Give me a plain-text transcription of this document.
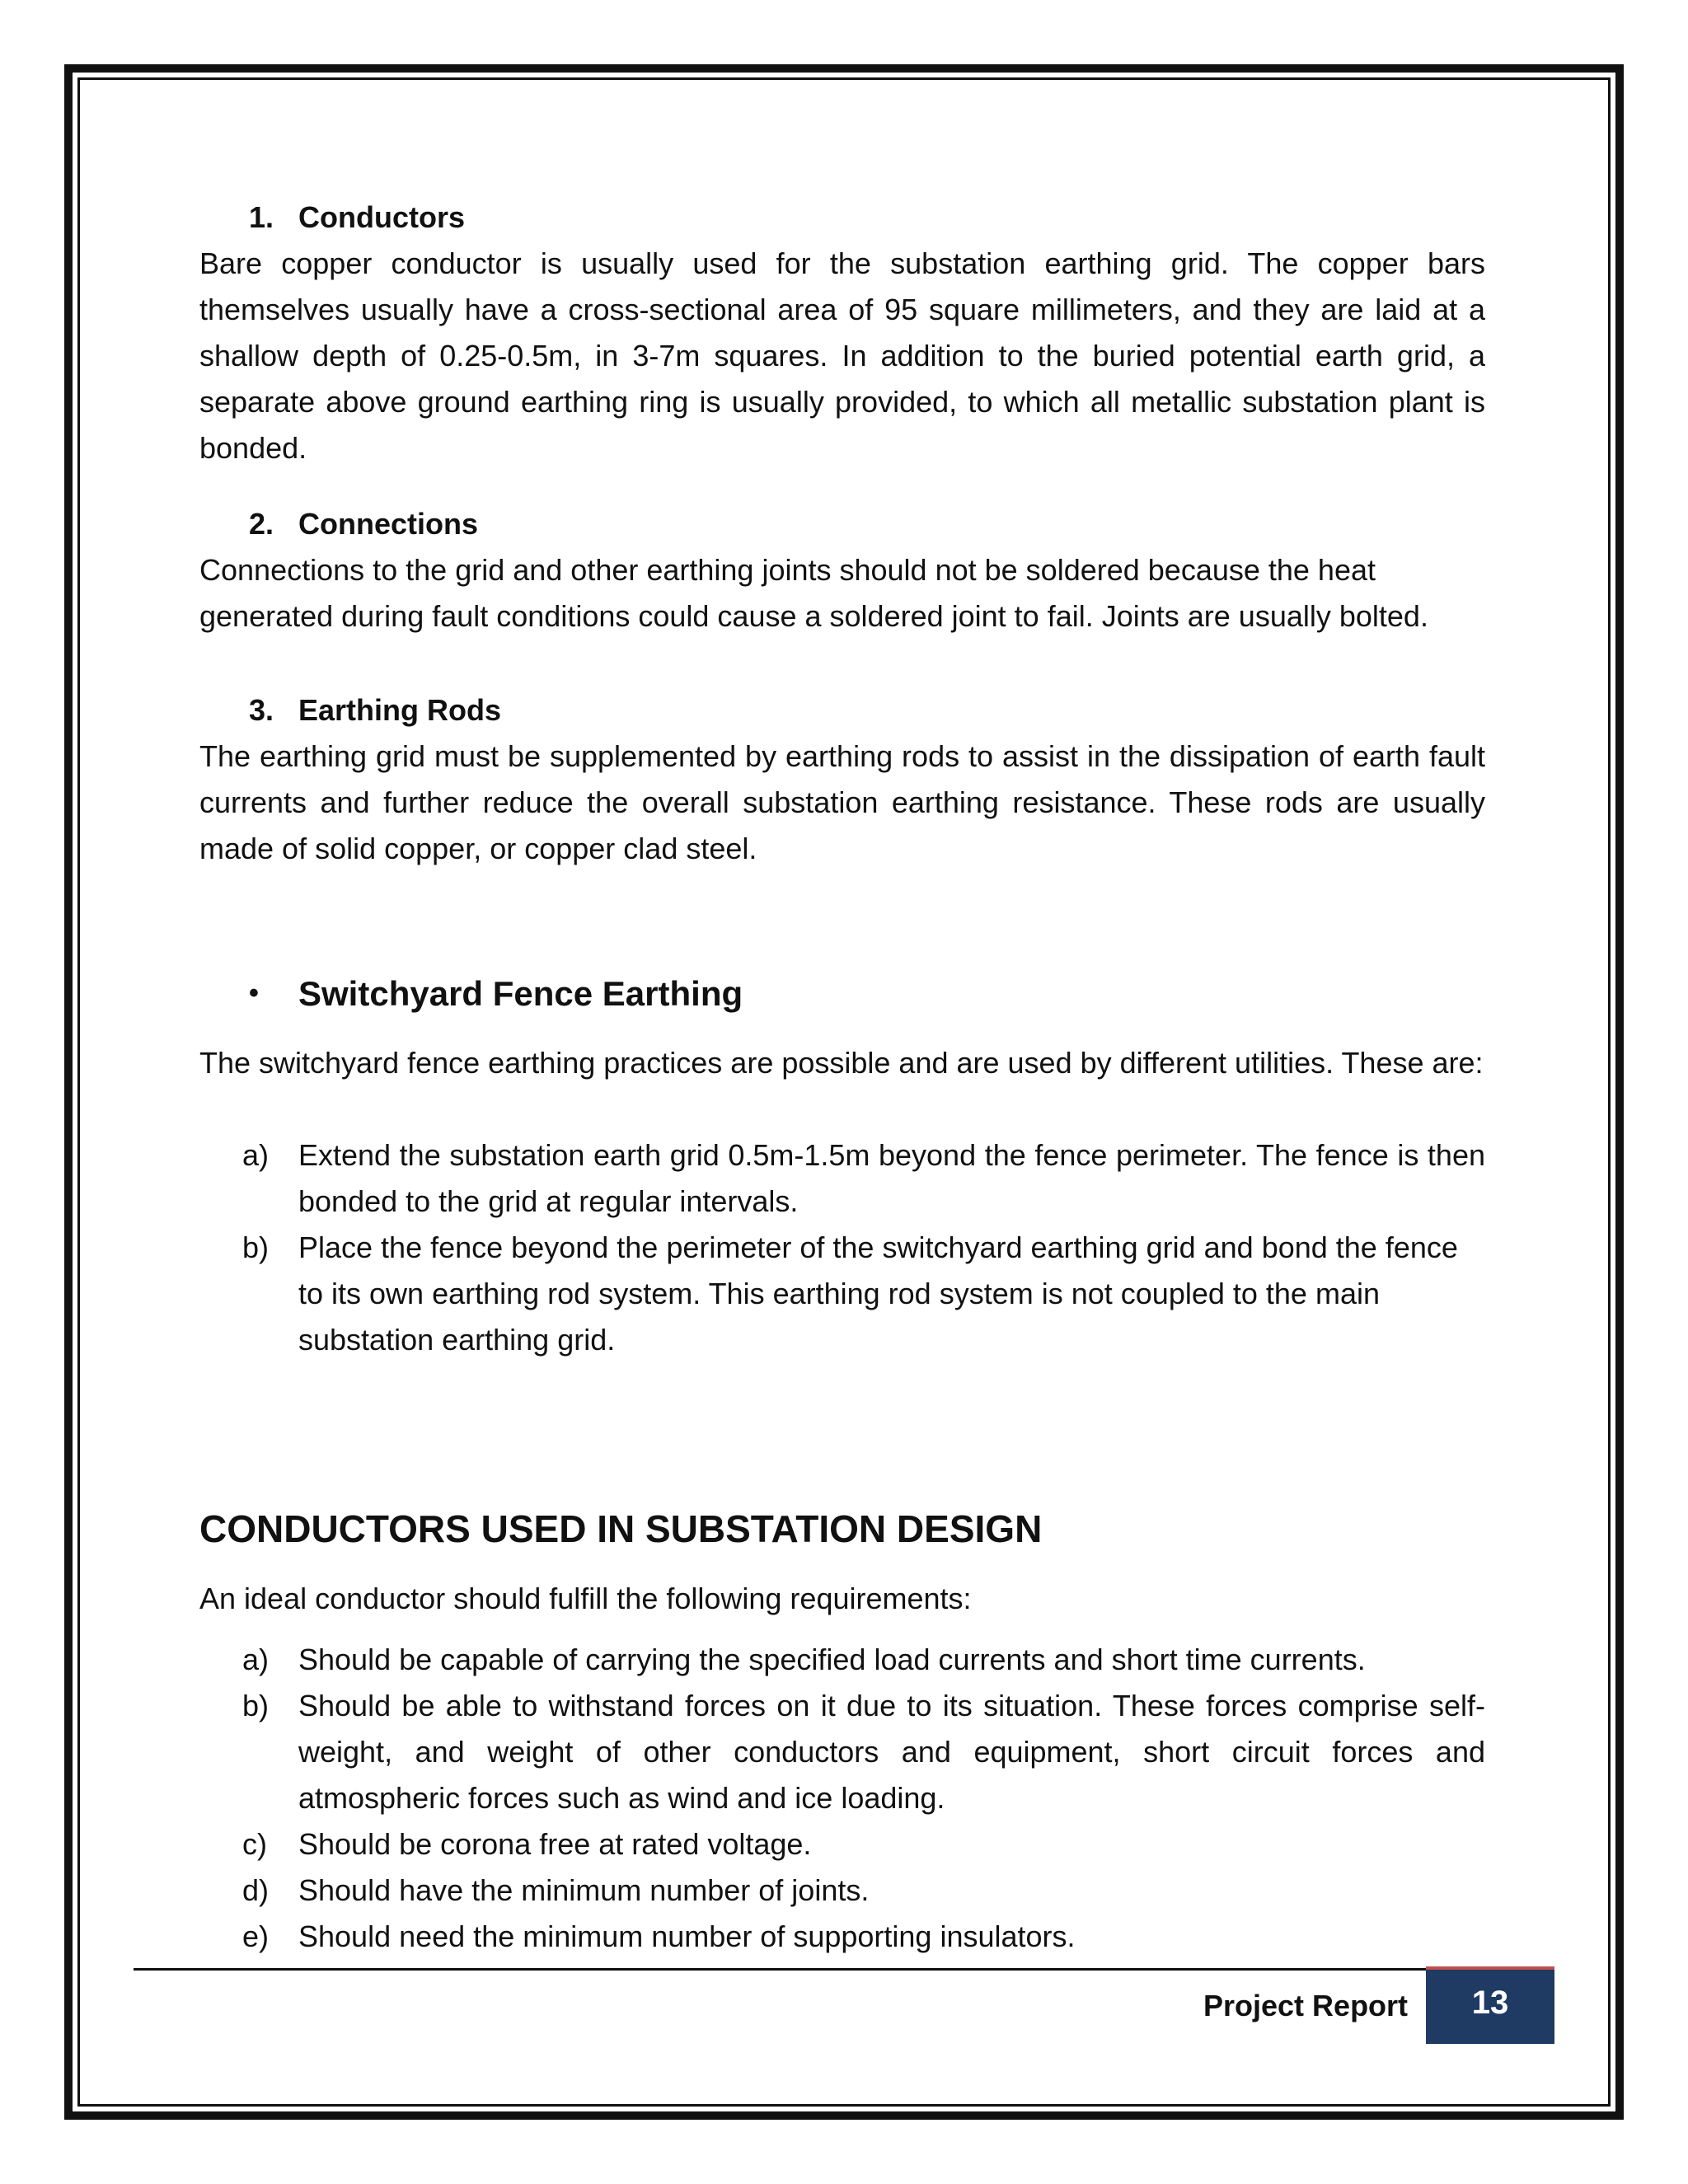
1. Conductors
Bare copper conductor is usually used for the substation earthing grid. The copper bars themselves usually have a cross-sectional area of 95 square millimeters, and they are laid at a shallow depth of 0.25-0.5m, in 3-7m squares. In addition to the buried potential earth grid, a separate above ground earthing ring is usually provided, to which all metallic substation plant is bonded.
2. Connections
Connections to the grid and other earthing joints should not be soldered because the heat generated during fault conditions could cause a soldered joint to fail. Joints are usually bolted.
3. Earthing Rods
The earthing grid must be supplemented by earthing rods to assist in the dissipation of earth fault currents and further reduce the overall substation earthing resistance. These rods are usually made of solid copper, or copper clad steel.
• Switchyard Fence Earthing
The switchyard fence earthing practices are possible and are used by different utilities. These are:
a) Extend the substation earth grid 0.5m-1.5m beyond the fence perimeter. The fence is then bonded to the grid at regular intervals.
b) Place the fence beyond the perimeter of the switchyard earthing grid and bond the fence to its own earthing rod system. This earthing rod system is not coupled to the main substation earthing grid.
CONDUCTORS USED IN SUBSTATION DESIGN
An ideal conductor should fulfill the following requirements:
a) Should be capable of carrying the specified load currents and short time currents.
b) Should be able to withstand forces on it due to its situation. These forces comprise self-weight, and weight of other conductors and equipment, short circuit forces and atmospheric forces such as wind and ice loading.
c) Should be corona free at rated voltage.
d) Should have the minimum number of joints.
e) Should need the minimum number of supporting insulators.
Project Report	13
